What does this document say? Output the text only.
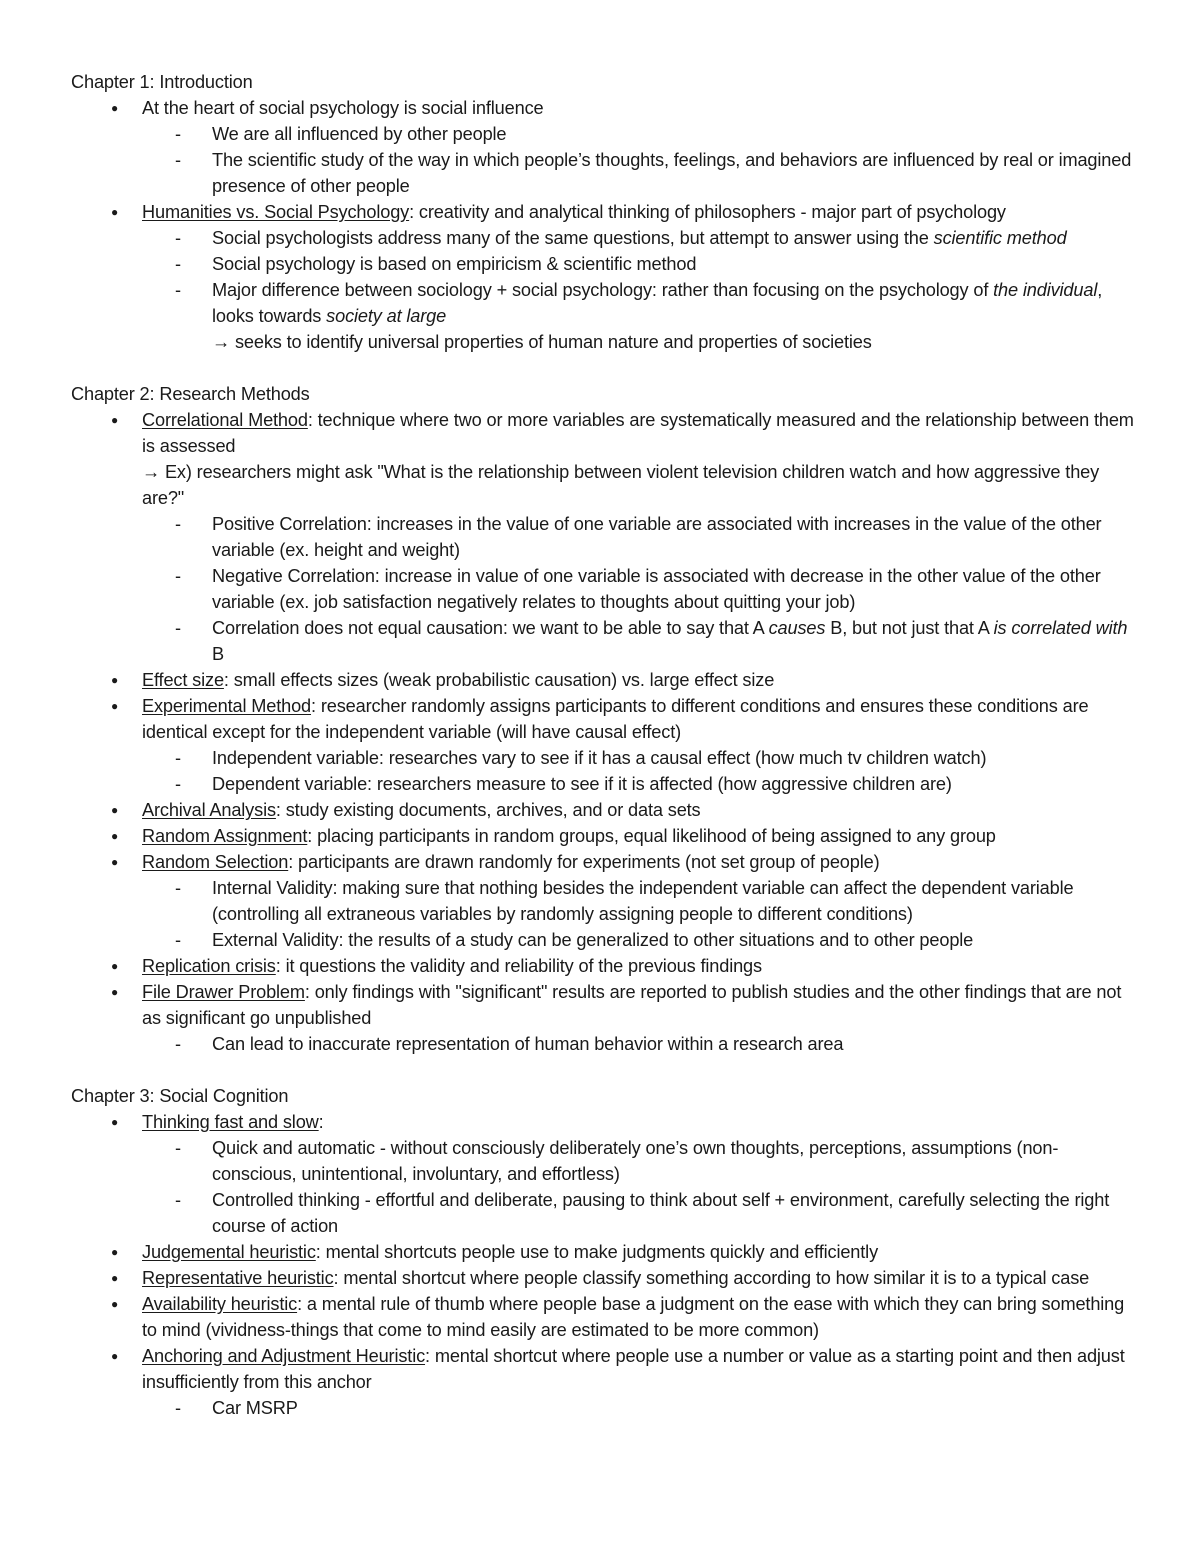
Chapter 1: Introduction
● At the heart of social psychology is social influence
- We are all influenced by other people
- The scientific study of the way in which people’s thoughts, feelings, and behaviors are influenced by real or imagined presence of other people
● Humanities vs. Social Psychology: creativity and analytical thinking of philosophers - major part of psychology
- Social psychologists address many of the same questions, but attempt to answer using the scientific method
- Social psychology is based on empiricism & scientific method
- Major difference between sociology + social psychology: rather than focusing on the psychology of the individual, looks towards society at large
→ seeks to identify universal properties of human nature and properties of societies
Chapter 2: Research Methods
● Correlational Method: technique where two or more variables are systematically measured and the relationship between them is assessed
→ Ex) researchers might ask "What is the relationship between violent television children watch and how aggressive they are?"
- Positive Correlation: increases in the value of one variable are associated with increases in the value of the other variable (ex. height and weight)
- Negative Correlation: increase in value of one variable is associated with decrease in the other value of the other variable (ex. job satisfaction negatively relates to thoughts about quitting your job)
- Correlation does not equal causation: we want to be able to say that A causes B, but not just that A is correlated with B
● Effect size: small effects sizes (weak probabilistic causation) vs. large effect size
● Experimental Method: researcher randomly assigns participants to different conditions and ensures these conditions are identical except for the independent variable (will have causal effect)
- Independent variable: researches vary to see if it has a causal effect (how much tv children watch)
- Dependent variable: researchers measure to see if it is affected (how aggressive children are)
● Archival Analysis: study existing documents, archives, and or data sets
● Random Assignment: placing participants in random groups, equal likelihood of being assigned to any group
● Random Selection: participants are drawn randomly for experiments (not set group of people)
- Internal Validity: making sure that nothing besides the independent variable can affect the dependent variable (controlling all extraneous variables by randomly assigning people to different conditions)
- External Validity: the results of a study can be generalized to other situations and to other people
● Replication crisis: it questions the validity and reliability of the previous findings
● File Drawer Problem: only findings with "significant" results are reported to publish studies and the other findings that are not as significant go unpublished
- Can lead to inaccurate representation of human behavior within a research area
Chapter 3: Social Cognition
● Thinking fast and slow:
- Quick and automatic - without consciously deliberately one’s own thoughts, perceptions, assumptions (non-conscious, unintentional, involuntary, and effortless)
- Controlled thinking - effortful and deliberate, pausing to think about self + environment, carefully selecting the right course of action
● Judgemental heuristic: mental shortcuts people use to make judgments quickly and efficiently
● Representative heuristic: mental shortcut where people classify something according to how similar it is to a typical case
● Availability heuristic: a mental rule of thumb where people base a judgment on the ease with which they can bring something to mind (vividness-things that come to mind easily are estimated to be more common)
● Anchoring and Adjustment Heuristic: mental shortcut where people use a number or value as a starting point and then adjust insufficiently from this anchor
- Car MSRP
